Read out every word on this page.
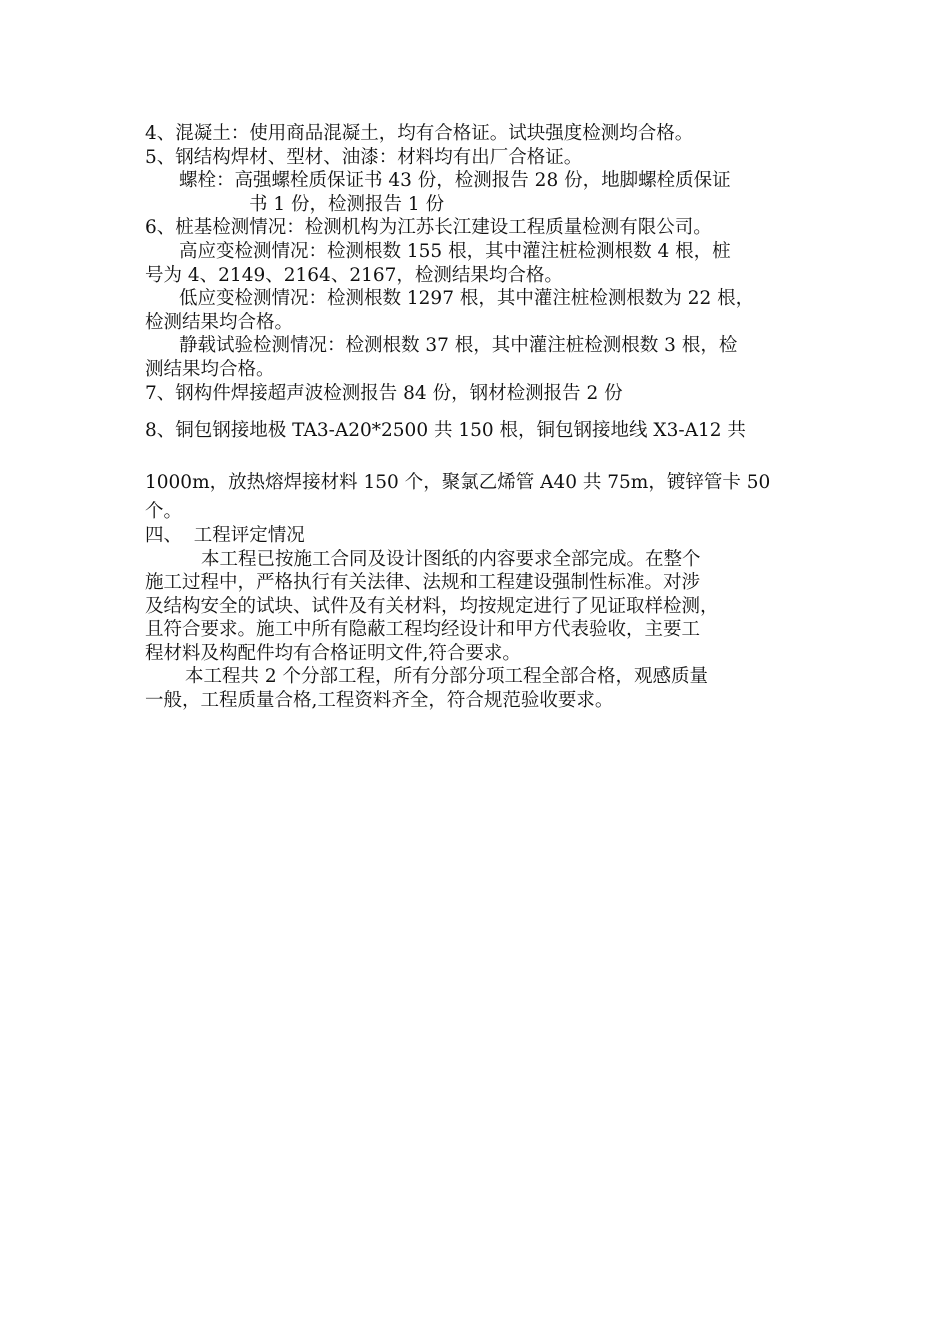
4、混凝土：使用商品混凝土，均有合格证。试块强度检测均合格。

5、钢结构焊材、型材、油漆：材料均有出厂合格证。

螺栓：高强螺栓质保证书 43 份，检测报告 28 份，地脚螺栓质保证

书 1 份，检测报告 1 份

6、桩基检测情况：检测机构为江苏长江建设工程质量检测有限公司。

高应变检测情况：检测根数 155 根，其中灌注桩检测根数 4 根，桩

号为 4、2149、2164、2167，检测结果均合格。

低应变检测情况：检测根数 1297 根，其中灌注桩检测根数为 22 根，

检测结果均合格。

静载试验检测情况：检测根数 37 根，其中灌注桩检测根数 3 根，检

测结果均合格。

7、钢构件焊接超声波检测报告 84 份，钢材检测报告 2 份

8、铜包钢接地极 TA3-Α20*2500 共 150 根，铜包钢接地线 X3-Α12 共

1000m，放热熔焊接材料 150 个，聚氯乙烯管 Α40 共 75m，镀锌管卡 50

个。

四、  工程评定情况

本工程已按施工合同及设计图纸的内容要求全部完成。在整个

施工过程中，严格执行有关法律、法规和工程建设强制性标准。对涉

及结构安全的试块、试件及有关材料，均按规定进行了见证取样检测，

且符合要求。施工中所有隐蔽工程均经设计和甲方代表验收，主要工

程材料及构配件均有合格证明文件,符合要求。

本工程共 2 个分部工程，所有分部分项工程全部合格，观感质量

一般，工程质量合格,工程资料齐全，符合规范验收要求。
